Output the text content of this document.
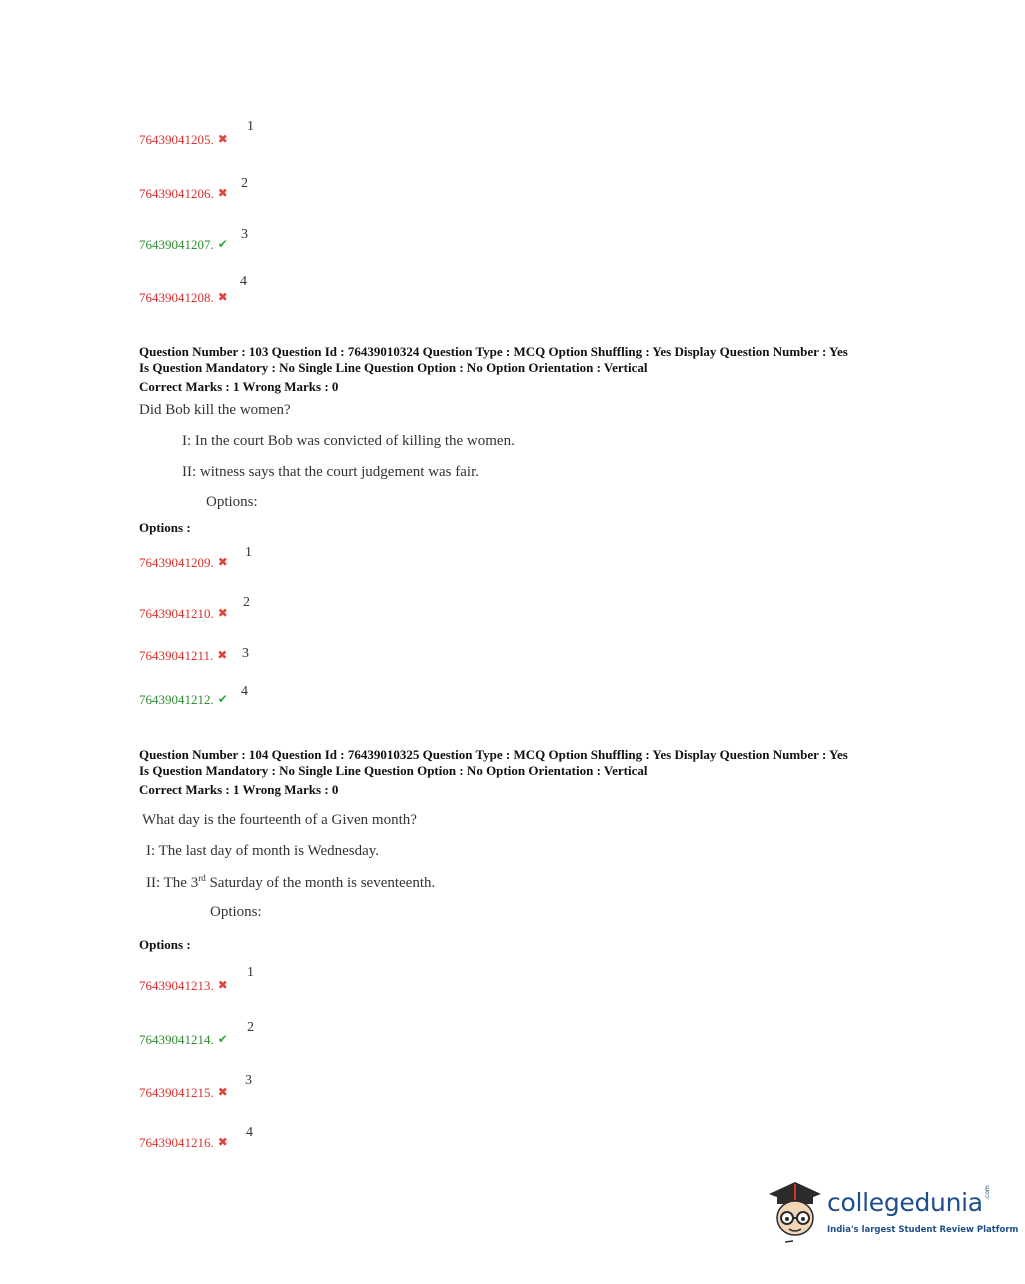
76439041205. ✖
1
76439041206. ✖
2
76439041207. ✔
3
76439041208. ✖
4
Question Number : 103 Question Id : 76439010324 Question Type : MCQ Option Shuffling : Yes Display Question Number : Yes
Is Question Mandatory : No Single Line Question Option : No Option Orientation : Vertical
Correct Marks : 1 Wrong Marks : 0
Did Bob kill the women?
I: In the court Bob was convicted of killing the women.
II: witness says that the court judgement was fair.
Options:
Options :
76439041209. ✖
1
76439041210. ✖
2
76439041211. ✖ 3
76439041212. ✔ 4
Question Number : 104 Question Id : 76439010325 Question Type : MCQ Option Shuffling : Yes Display Question Number : Yes
Is Question Mandatory : No Single Line Question Option : No Option Orientation : Vertical
Correct Marks : 1 Wrong Marks : 0
What day is the fourteenth of a Given month?
I: The last day of month is Wednesday.
II: The 3rd Saturday of the month is seventeenth.
Options:
Options :
76439041213. ✖
1
76439041214. ✔
2
76439041215. ✖
3
76439041216. ✖
4
collegedunia .com
India's largest Student Review Platform
